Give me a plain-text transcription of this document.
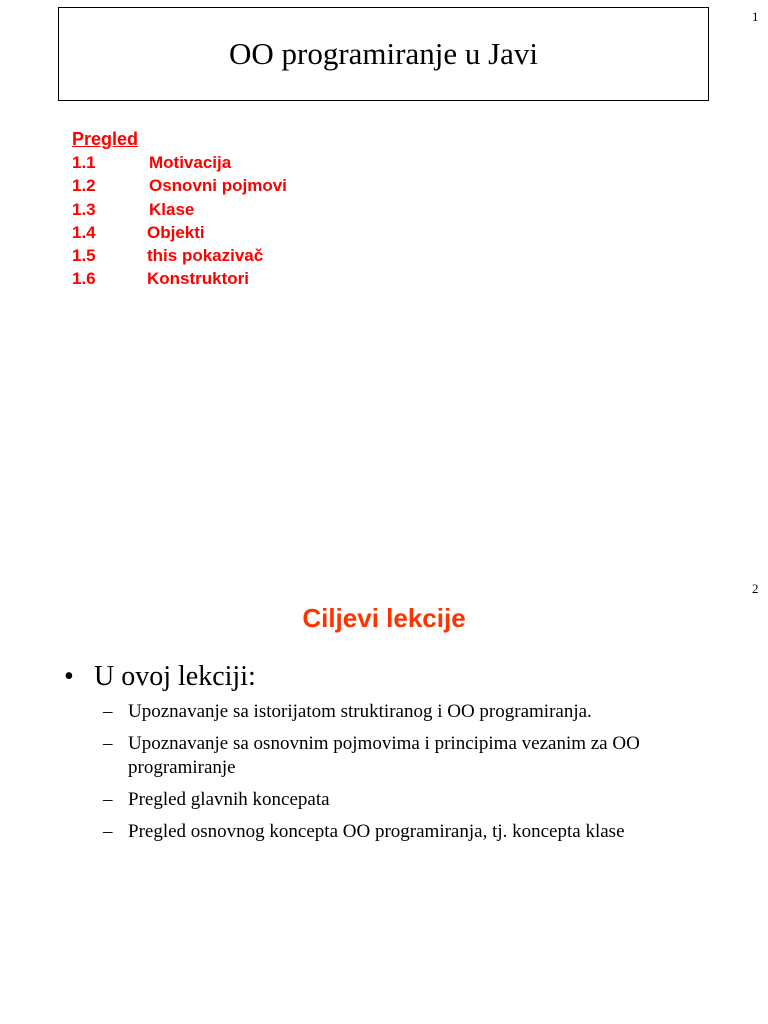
1
OO programiranje u Javi
Pregled
1.1	Motivacija
1.2	Osnovni pojmovi
1.3	Klase
1.4	Objekti
1.5	this pokazivač
1.6	Konstruktori
2
Ciljevi lekcije
• U ovoj lekciji:
– Upoznavanje sa istorijatom struktiranog i OO programiranja.
– Upoznavanje sa osnovnim pojmovima i principima vezanim za OO programiranje
– Pregled glavnih koncepata
– Pregled osnovnog koncepta OO programiranja, tj. koncepta klase
